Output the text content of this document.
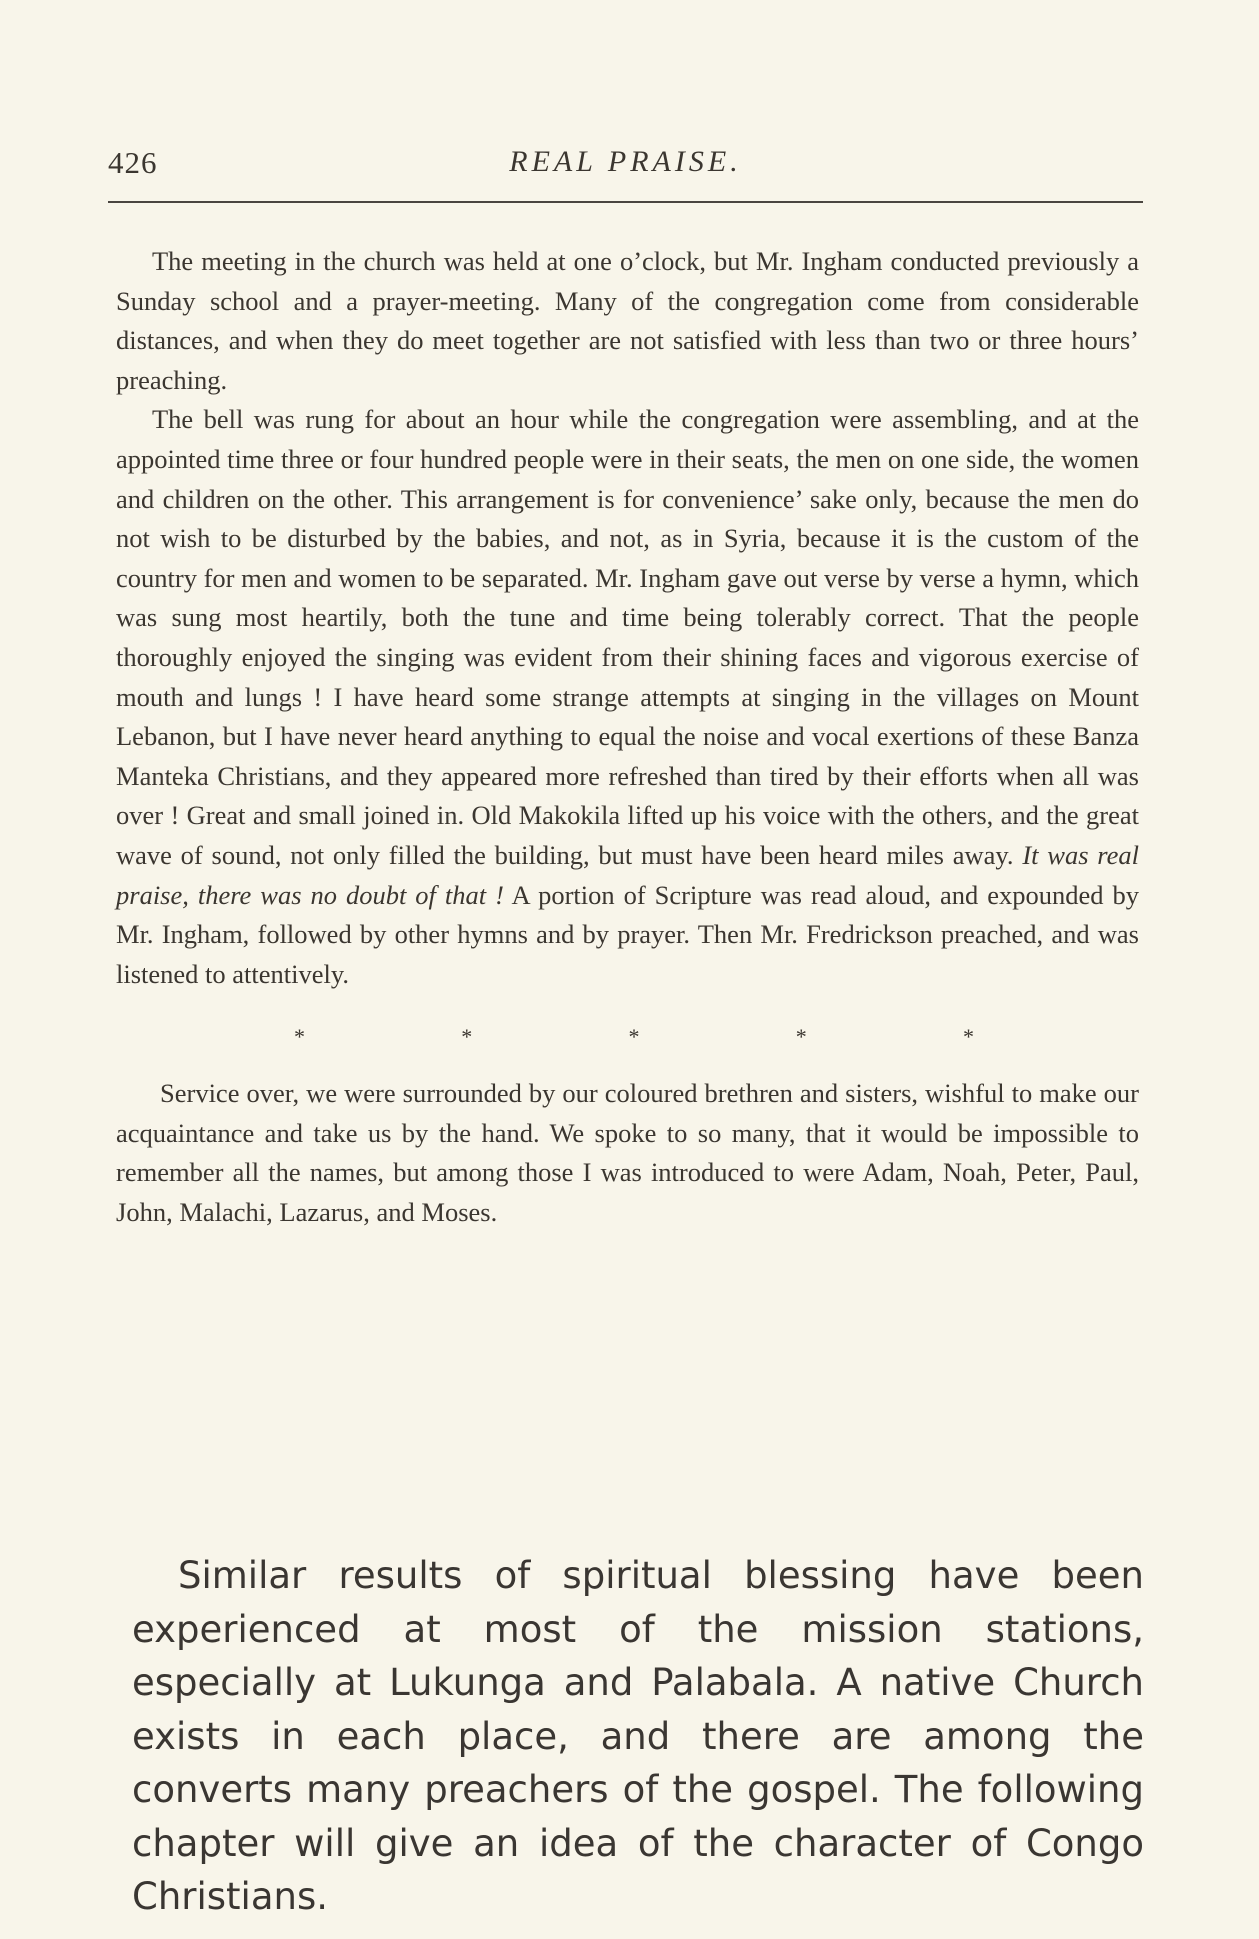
426	REAL PRAISE.

The meeting in the church was held at one o’clock, but Mr. Ingham conducted previously a Sunday school and a prayer-meeting. Many of the congregation come from considerable distances, and when they do meet together are not satisfied with less than two or three hours’ preaching.

The bell was rung for about an hour while the congregation were assembling, and at the appointed time three or four hundred people were in their seats, the men on one side, the women and children on the other. This arrangement is for convenience’ sake only, because the men do not wish to be disturbed by the babies, and not, as in Syria, because it is the custom of the country for men and women to be separated. Mr. Ingham gave out verse by verse a hymn, which was sung most heartily, both the tune and time being tolerably correct. That the people thoroughly enjoyed the singing was evident from their shining faces and vigorous exercise of mouth and lungs ! I have heard some strange attempts at singing in the villages on Mount Lebanon, but I have never heard anything to equal the noise and vocal exertions of these Banza Manteka Christians, and they appeared more refreshed than tired by their efforts when all was over ! Great and small joined in. Old Makokila lifted up his voice with the others, and the great wave of sound, not only filled the building, but must have been heard miles away. It was real praise, there was no doubt of that ! A portion of Scripture was read aloud, and expounded by Mr. Ingham, followed by other hymns and by prayer. Then Mr. Fredrickson preached, and was listened to attentively.

*	*	*	*	*

Service over, we were surrounded by our coloured brethren and sisters, wishful to make our acquaintance and take us by the hand. We spoke to so many, that it would be impossible to remember all the names, but among those I was introduced to were Adam, Noah, Peter, Paul, John, Malachi, Lazarus, and Moses.

Similar results of spiritual blessing have been experienced at most of the mission stations, especially at Lukunga and Palabala. A native Church exists in each place, and there are among the converts many preachers of the gospel. The following chapter will give an idea of the character of Congo Christians.
